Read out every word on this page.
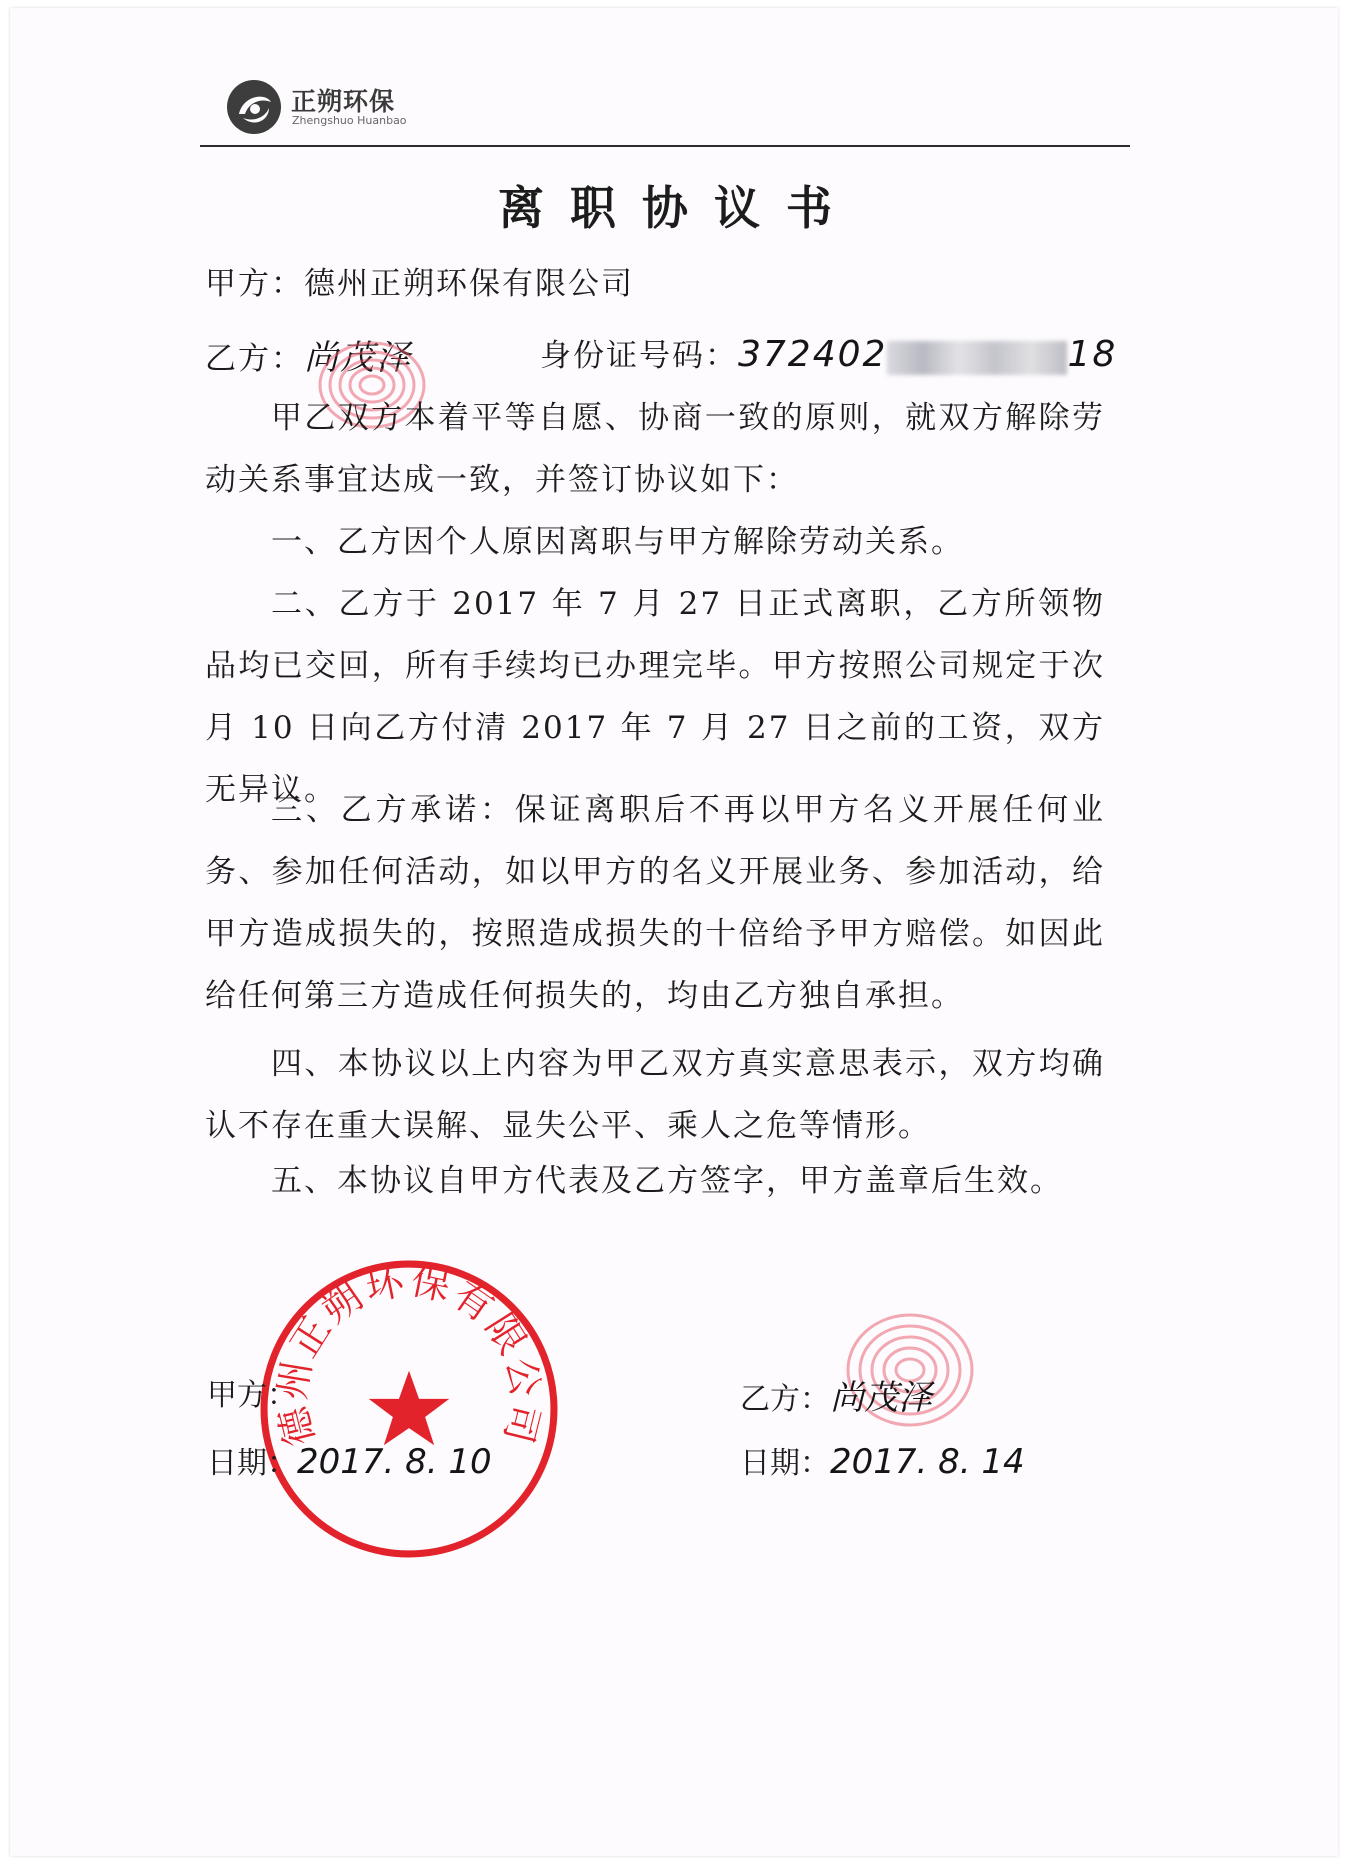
正朔环保
Zhengshuo Huanbao
离职协议书
甲方：德州正朔环保有限公司
乙方：尚茂泽	身份证号码：372402	18
甲乙双方本着平等自愿、协商一致的原则，就双方解除劳动关系事宜达成一致，并签订协议如下：
一、乙方因个人原因离职与甲方解除劳动关系。
二、乙方于 2017 年 7 月 27 日正式离职，乙方所领物品均已交回，所有手续均已办理完毕。甲方按照公司规定于次月 10 日向乙方付清 2017 年 7 月 27 日之前的工资，双方无异议。
三、乙方承诺：保证离职后不再以甲方名义开展任何业务、参加任何活动，如以甲方的名义开展业务、参加活动，给甲方造成损失的，按照造成损失的十倍给予甲方赔偿。如因此给任何第三方造成任何损失的，均由乙方独自承担。
四、本协议以上内容为甲乙双方真实意思表示，双方均确认不存在重大误解、显失公平、乘人之危等情形。
五、本协议自甲方代表及乙方签字，甲方盖章后生效。
德州正朔环保有限公司
甲方：
日期：2017. 8. 10
乙方：尚茂泽
日期：2017. 8. 14
